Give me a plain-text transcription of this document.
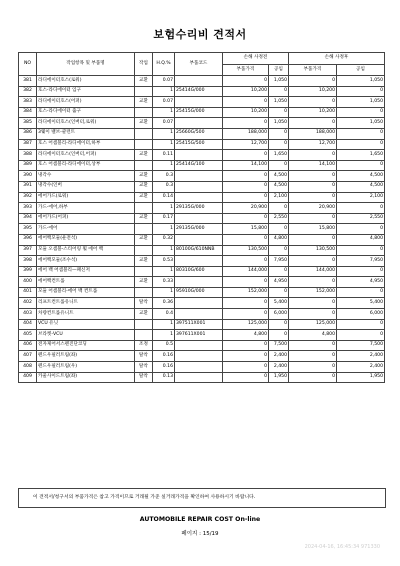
보험수리비 견적서
NO	작업항목 및 부품명	작업	H.Q.%	부품코드	손해 사정전		손해 사정후	
					부품가격	공임	부품가격	공임
381	라디에이터호스(로워)	교환	0.07		0	1,050	0	1,050
382	호스-라디에이터 입구		1	25414G/000	10,200	0	10,200	0
383	라디에이터호스(어퍼)	교환	0.07		0	1,050	0	1,050
384	호스-라디에이터 출구		1	25415G/000	10,200	0	10,200	0
385	라디에이터호스(인버터,로워)	교환	0.07		0	1,050	0	1,050
386	3웨이 밸브-쿨런트		1	25660G/500	188,000	0	188,000	0
387	호스 어셈블리-라디에이터,하부		1	25415G/500	12,700	0	12,700	0
388	라디에이터호스(인버터,어퍼)	교환	0.11		0	1,650	0	1,650
389	호스 어셈블리-라디에이터,상부		1	25414G/100	14,100	0	14,100	0
390	냉각수	교환	0.3		0	4,500	0	4,500
391	냉각수(인버	교환	0.3		0	4,500	0	4,500
392	에어가드(로워)	교환	0.14		0	2,100	0	2,100
393	가드-에어,하부		1	29135G/000	20,900	0	20,900	0
394	에어가드(어퍼)	교환	0.17		0	2,550	0	2,550
395	가드-에어		1	29135G/000	15,800	0	15,800	0
396	에어백모듈(운전석)	교환	0.32		0	4,800	0	4,800
397	모듈 오셈블-스티어링 휠 에어 백		1	80100G/610NNB	130,500	0	130,500	0
398	에어백모듈(조수석)	교환	0.53		0	7,950	0	7,950
399	에어 백 어셈블리—패신저		1	80310G/600	144,000	0	144,000	0
400	에어백컨트롤	교환	0.33		0	4,950	0	4,950
401	모듈 어셈블리-에어 백 컨트롤		1	95910G/000	152,000	0	152,000	0
402	리프트컨트롤유니트	탈착	0.36		0	5,400	0	5,400
403	차량컨트롤유니트	교환	0.4		0	6,000	0	6,000
404	VCU 유닛		1	397511X001	125,000	0	125,000	0
405	브라켓-VCU		1	397611X001	4,800	0	4,800	0
406	전자제어서스펜진단코딩	조정	0.5		0	7,500	0	7,500
407	펜드우필러트림(좌)	탈착	0.16		0	2,400	0	2,400
408	펜드우필러트림(우)	탈착	0.16		0	2,400	0	2,400
409	카울사이드트림(좌)	탈착	0.13		0	1,950	0	1,950
이 견적서/청구서의 부품가격은 참고 가격이므로 거래될 가준 실거래가격을 확인하여 사용하시기 바랍니다.
AUTOMOBILE REPAIR COST On-line
페이지 : 15/19
2024-04-16, 16:45:34 971330
